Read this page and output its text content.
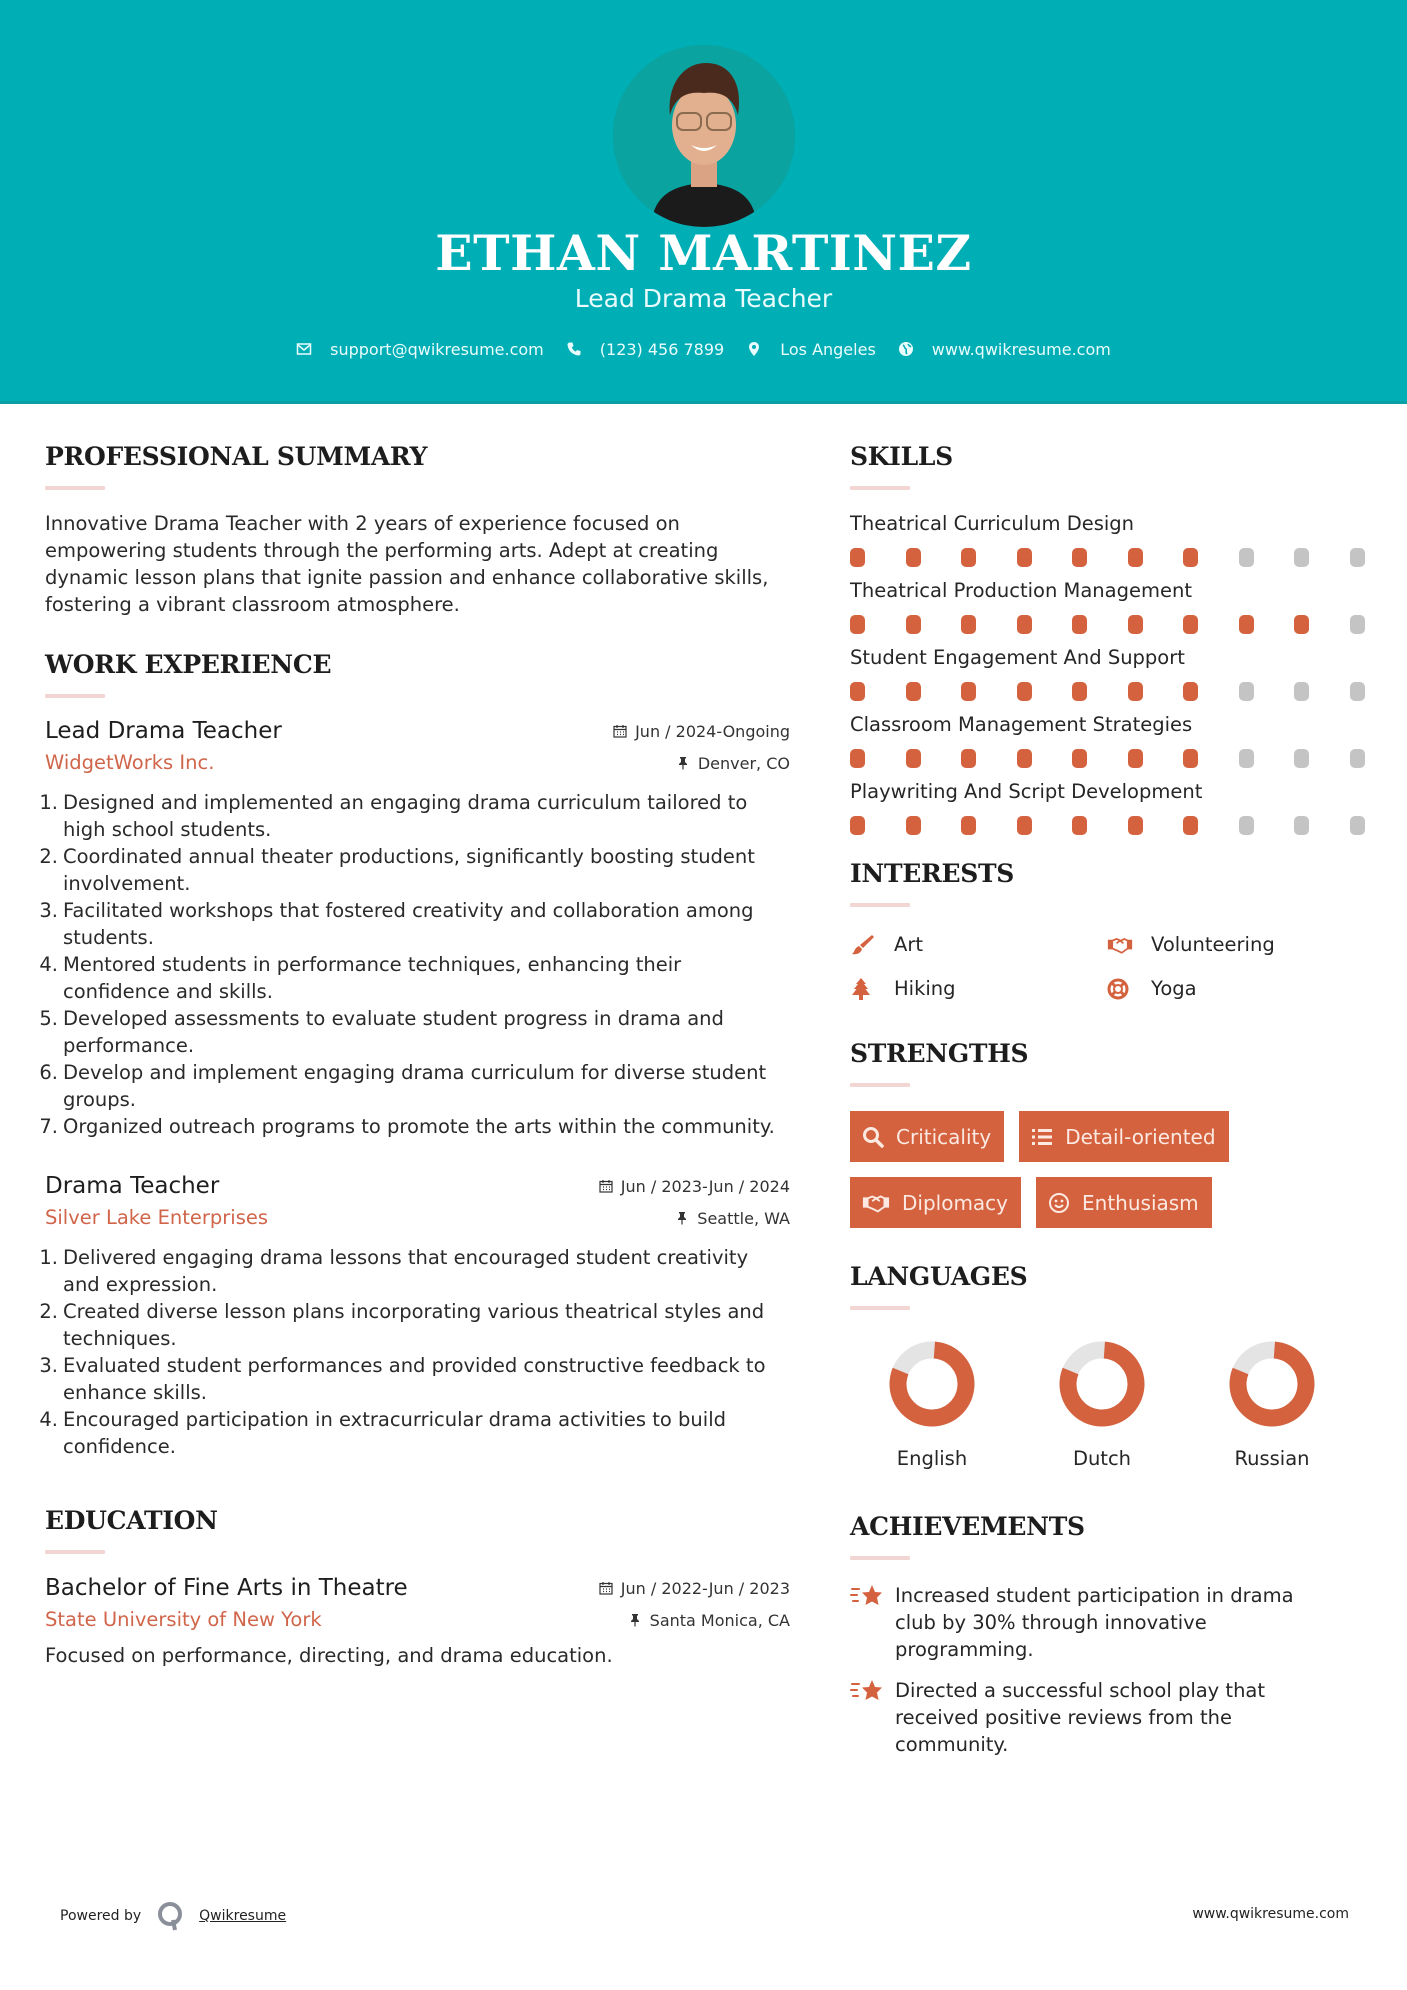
ETHAN MARTINEZ
Lead Drama Teacher
support@qwikresume.com	(123) 456 7899	Los Angeles	www.qwikresume.com
PROFESSIONAL SUMMARY

Innovative Drama Teacher with 2 years of experience focused on empowering students through the performing arts. Adept at creating dynamic lesson plans that ignite passion and enhance collaborative skills, fostering a vibrant classroom atmosphere.

WORK EXPERIENCE
Lead Drama Teacher	Jun / 2024-Ongoing
WidgetWorks Inc.	Denver, CO
1. Designed and implemented an engaging drama curriculum tailored to high school students.
2. Coordinated annual theater productions, significantly boosting student involvement.
3. Facilitated workshops that fostered creativity and collaboration among students.
4. Mentored students in performance techniques, enhancing their confidence and skills.
5. Developed assessments to evaluate student progress in drama and performance.
6. Develop and implement engaging drama curriculum for diverse student groups.
7. Organized outreach programs to promote the arts within the community.
Drama Teacher	Jun / 2023-Jun / 2024
Silver Lake Enterprises	Seattle, WA
1. Delivered engaging drama lessons that encouraged student creativity and expression.
2. Created diverse lesson plans incorporating various theatrical styles and techniques.
3. Evaluated student performances and provided constructive feedback to enhance skills.
4. Encouraged participation in extracurricular drama activities to build confidence.
EDUCATION
Bachelor of Fine Arts in Theatre	Jun / 2022-Jun / 2023
State University of New York	Santa Monica, CA

Focused on performance, directing, and drama education.

SKILLS
Theatrical Curriculum Design
Theatrical Production Management
Student Engagement And Support
Classroom Management Strategies
Playwriting And Script Development
INTERESTS
Art	Volunteering
Hiking	Yoga
STRENGTHS
Criticality	Detail-oriented
Diplomacy	Enthusiasm
LANGUAGES
English	Dutch	Russian
ACHIEVEMENTS
Increased student participation in drama club by 30% through innovative programming.
Directed a successful school play that received positive reviews from the community.
Powered by	Qwikresume	www.qwikresume.com
